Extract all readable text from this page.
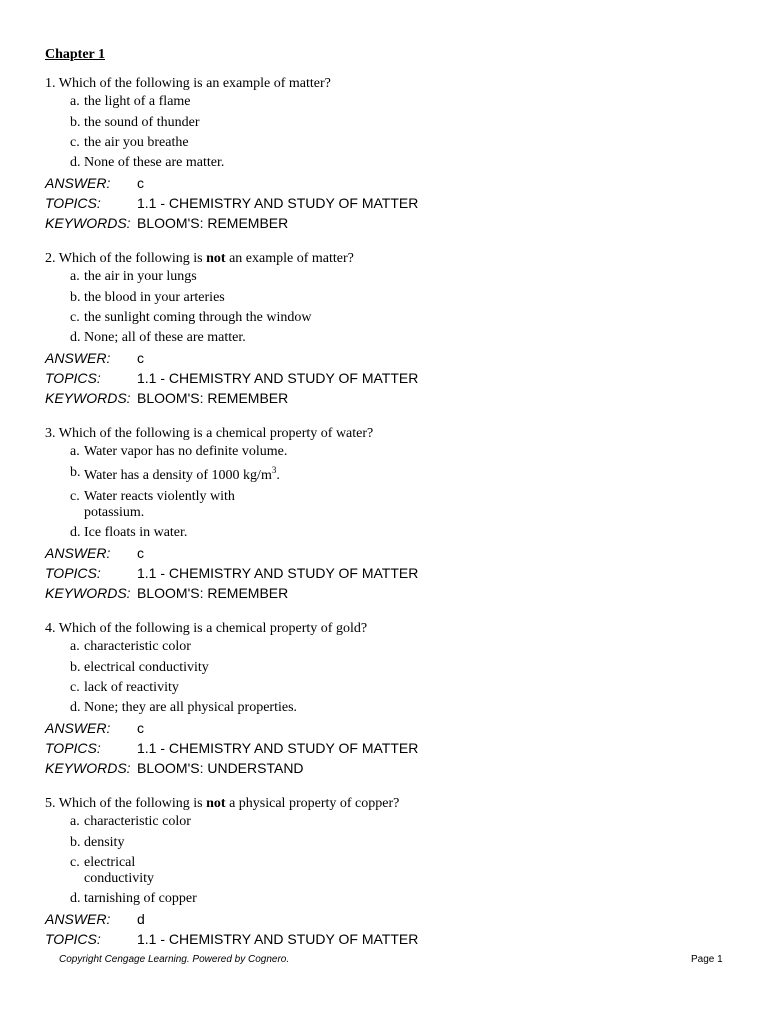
Chapter 1
1. Which of the following is an example of matter?
a. the light of a flame
b. the sound of thunder
c. the air you breathe
d. None of these are matter.
ANSWER: c
TOPICS:	1.1 - CHEMISTRY AND STUDY OF MATTER
KEYWORDS: BLOOM'S: REMEMBER
2. Which of the following is not an example of matter?
a. the air in your lungs
b. the blood in your arteries
c. the sunlight coming through the window
d. None; all of these are matter.
ANSWER: c
TOPICS:	1.1 - CHEMISTRY AND STUDY OF MATTER
KEYWORDS: BLOOM'S: REMEMBER
3. Which of the following is a chemical property of water?
a. Water vapor has no definite volume.
b. Water has a density of 1000 $kg/m^3$.
c. Water reacts violently with
potassium.
d. Ice floats in water.
ANSWER: c
TOPICS:	1.1 - CHEMISTRY AND STUDY OF MATTER
KEYWORDS: BLOOM'S: REMEMBER
4. Which of the following is a chemical property of gold?
a. characteristic color
b. electrical conductivity
c. lack of reactivity
d. None; they are all physical properties.
ANSWER: c
TOPICS:	1.1 - CHEMISTRY AND STUDY OF MATTER
KEYWORDS: BLOOM'S: UNDERSTAND
5. Which of the following is not a physical property of copper?
a. characteristic color
b. density
c. electrical
conductivity
d. tarnishing of copper
ANSWER: d
TOPICS:	1.1 - CHEMISTRY AND STUDY OF MATTER
Copyright Cengage Learning. Powered by Cognero.	Page 1
